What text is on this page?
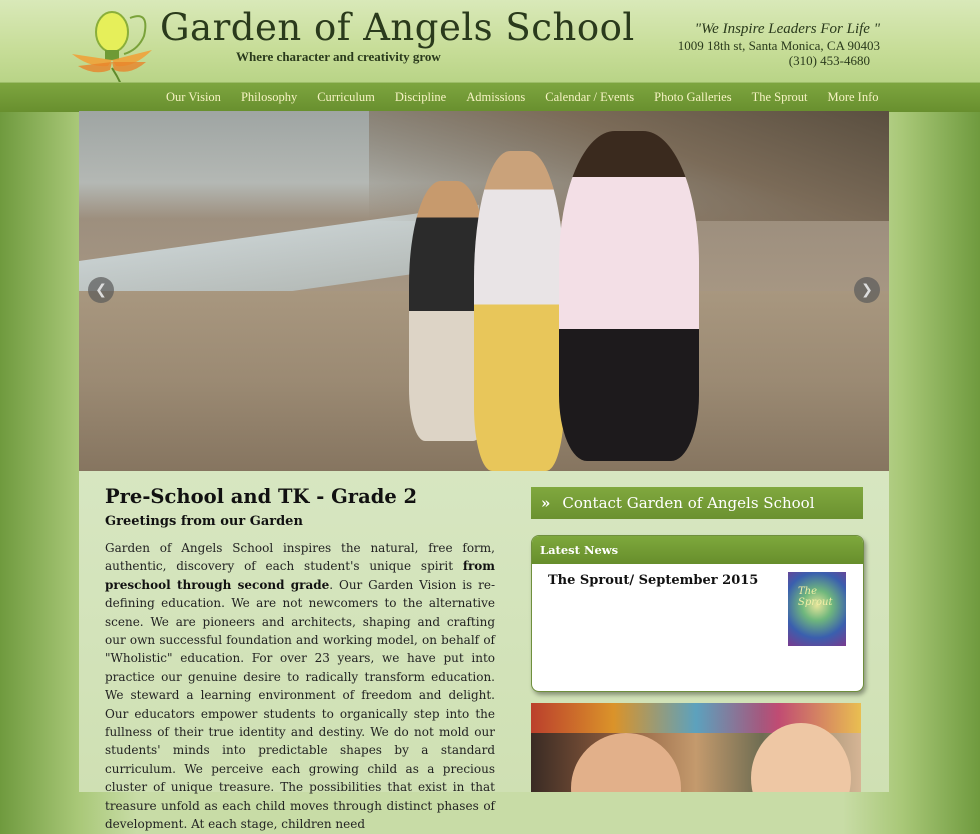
Garden of Angels School
Where character and creativity grow
"We Inspire Leaders For Life "
1009 18th st, Santa Monica, CA 90403
(310) 453-4680
Our Vision	Philosophy	Curriculum	Discipline	Admissions	Calendar / Events	Photo Galleries	The Sprout	More Info
❮	❯
Pre-School and TK - Grade 2
Greetings from our Garden
Garden of Angels School inspires the natural, free form, authentic, discovery of each student's unique spirit from preschool through second grade. Our Garden Vision is re-defining education. We are not newcomers to the alternative scene. We are pioneers and architects, shaping and crafting our own successful foundation and working model, on behalf of "Wholistic" education. For over 23 years, we have put into practice our genuine desire to radically transform education. We steward a learning environment of freedom and delight. Our educators empower students to organically step into the fullness of their true identity and destiny. We do not mold our students' minds into predictable shapes by a standard curriculum. We perceive each growing child as a precious cluster of unique treasure. The possibilities that exist in that treasure unfold as each child moves through distinct phases of development. At each stage, children need
» Contact Garden of Angels School
Latest News
The Sprout/ September 2015
The Sprout
